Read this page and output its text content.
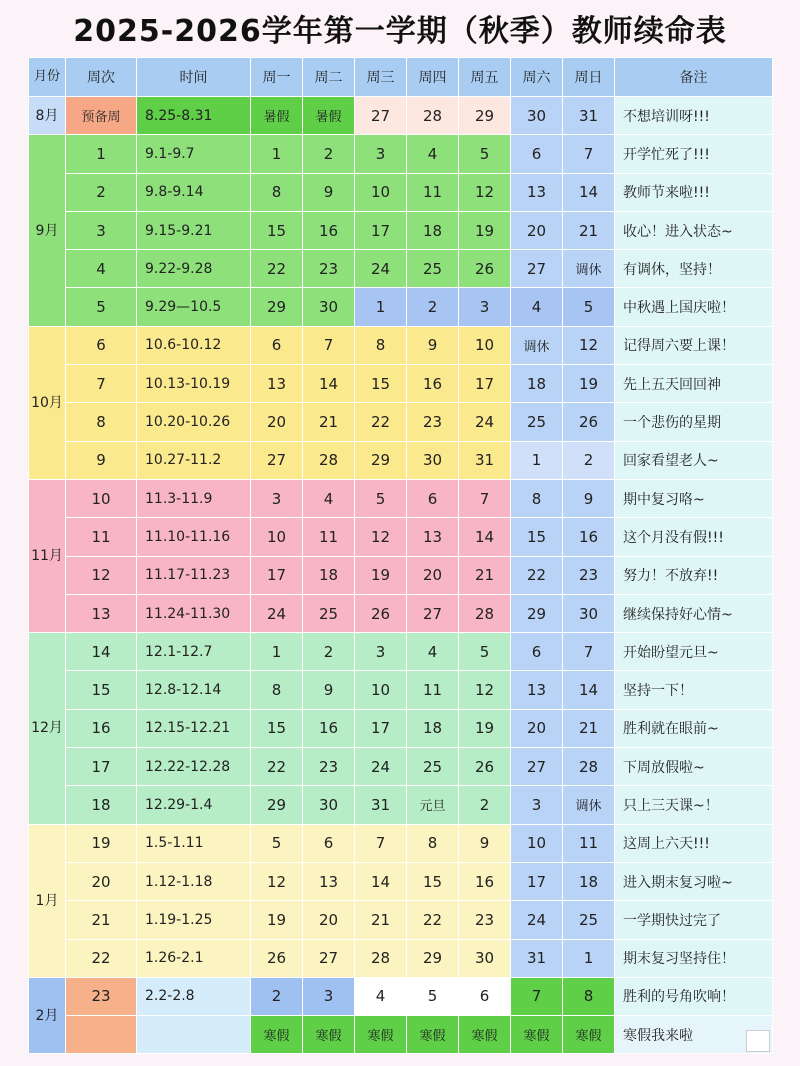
2025-2026学年第一学期（秋季）教师续命表
月份	周次	时间	周一	周二	周三	周四	周五	周六	周日	备注
8月	预备周	8.25-8.31	暑假	暑假	27	28	29	30	31	不想培训呀!!!
9月	1	9.1-9.7	1	2	3	4	5	6	7	开学忙死了!!!
	2	9.8-9.14	8	9	10	11	12	13	14	教师节来啦!!!
	3	9.15-9.21	15	16	17	18	19	20	21	收心！进入状态~
	4	9.22-9.28	22	23	24	25	26	27	调休	有调休，坚持！
	5	9.29—10.5	29	30	1	2	3	4	5	中秋遇上国庆啦！
10月	6	10.6-10.12	6	7	8	9	10	调休	12	记得周六要上课！
	7	10.13-10.19	13	14	15	16	17	18	19	先上五天回回神
	8	10.20-10.26	20	21	22	23	24	25	26	一个悲伤的星期
	9	10.27-11.2	27	28	29	30	31	1	2	回家看望老人~
11月	10	11.3-11.9	3	4	5	6	7	8	9	期中复习咯~
	11	11.10-11.16	10	11	12	13	14	15	16	这个月没有假!!!
	12	11.17-11.23	17	18	19	20	21	22	23	努力！不放弃!!
	13	11.24-11.30	24	25	26	27	28	29	30	继续保持好心情~
12月	14	12.1-12.7	1	2	3	4	5	6	7	开始盼望元旦~
	15	12.8-12.14	8	9	10	11	12	13	14	坚持一下！
	16	12.15-12.21	15	16	17	18	19	20	21	胜利就在眼前~
	17	12.22-12.28	22	23	24	25	26	27	28	下周放假啦~
	18	12.29-1.4	29	30	31	元旦	2	3	调休	只上三天课~！
1月	19	1.5-1.11	5	6	7	8	9	10	11	这周上六天!!!
	20	1.12-1.18	12	13	14	15	16	17	18	进入期末复习啦~
	21	1.19-1.25	19	20	21	22	23	24	25	一学期快过完了
	22	1.26-2.1	26	27	28	29	30	31	1	期末复习坚持住！
2月	23	2.2-2.8	2	3	4	5	6	7	8	胜利的号角吹响！
			寒假	寒假	寒假	寒假	寒假	寒假	寒假	寒假我来啦
